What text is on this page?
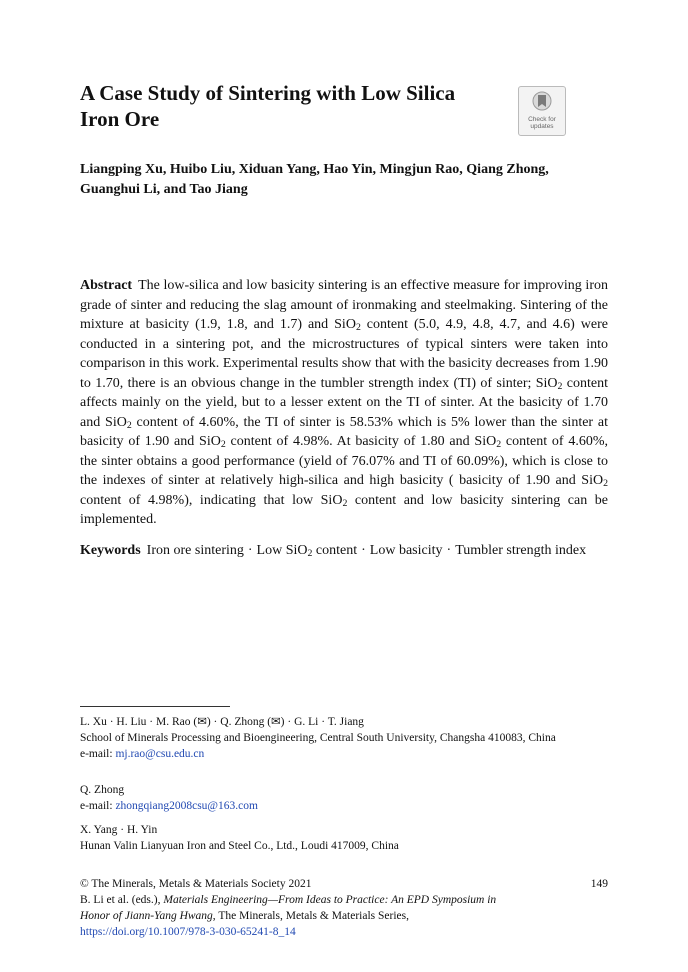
A Case Study of Sintering with Low Silica Iron Ore	Check for
updates
Liangping Xu, Huibo Liu, Xiduan Yang, Hao Yin, Mingjun Rao, Qiang Zhong, Guanghui Li, and Tao Jiang
Abstract The low-silica and low basicity sintering is an effective measure for improving iron grade of sinter and reducing the slag amount of ironmaking and steelmaking. Sintering of the mixture at basicity (1.9, 1.8, and 1.7) and SiO$_2$ content (5.0, 4.9, 4.8, 4.7, and 4.6) were conducted in a sintering pot, and the microstructures of typical sinters were taken into comparison in this work. Experimental results show that with the basicity decreases from 1.90 to 1.70, there is an obvious change in the tumbler strength index (TI) of sinter; SiO$_2$ content affects mainly on the yield, but to a lesser extent on the TI of sinter. At the basicity of 1.70 and SiO$_2$ content of 4.60%, the TI of sinter is 58.53% which is 5% lower than the sinter at basicity of 1.90 and SiO$_2$ content of 4.98%. At basicity of 1.80 and SiO$_2$ content of 4.60%, the sinter obtains a good performance (yield of 76.07% and TI of 60.09%), which is close to the indexes of sinter at relatively high-silica and high basicity ( basicity of 1.90 and SiO$_2$ content of 4.98%), indicating that low SiO$_2$ content and low basicity sintering can be implemented.
Keywords Iron ore sintering · Low SiO$_2$ content · Low basicity · Tumbler strength index
L. Xu · H. Liu · M. Rao (✉) · Q. Zhong (✉) · G. Li · T. Jiang
School of Minerals Processing and Bioengineering, Central South University, Changsha 410083, China
e-mail: mj.rao@csu.edu.cn
Q. Zhong
e-mail: zhongqiang2008csu@163.com
X. Yang · H. Yin
Hunan Valin Lianyuan Iron and Steel Co., Ltd., Loudi 417009, China
© The Minerals, Metals & Materials Society 2021
B. Li et al. (eds.), Materials Engineering—From Ideas to Practice: An EPD Symposium in Honor of Jiann-Yang Hwang, The Minerals, Metals & Materials Series,
https://doi.org/10.1007/978-3-030-65241-8_14
149
